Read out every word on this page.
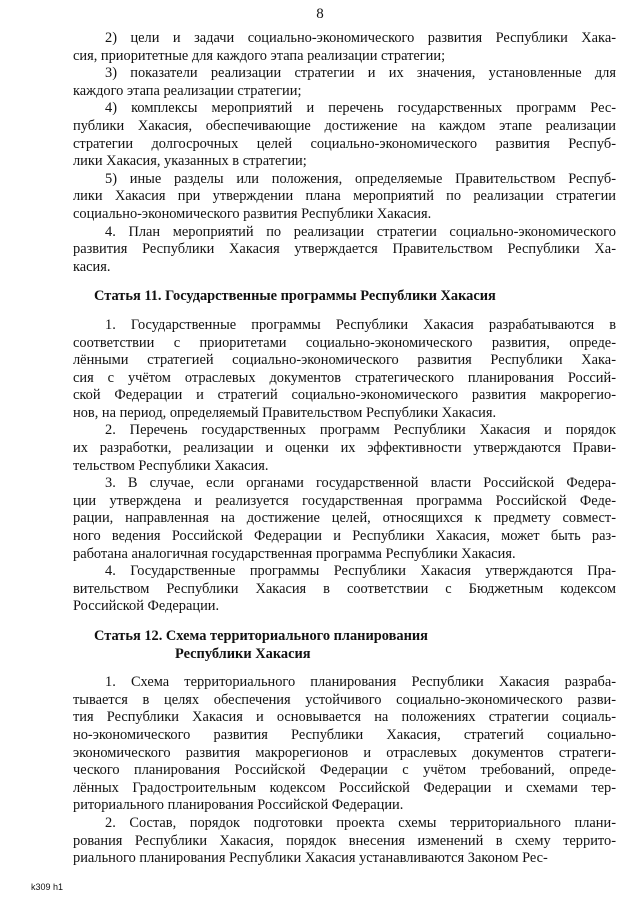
8

2) цели и задачи социально-экономического развития Республики Хака-
сия, приоритетные для каждого этапа реализации стратегии;

3) показатели реализации стратегии и их значения, установленные для
каждого этапа реализации стратегии;

4) комплексы мероприятий и перечень государственных программ Рес-
публики Хакасия, обеспечивающие достижение на каждом этапе реализации
стратегии долгосрочных целей социально-экономического развития Респуб-
лики Хакасия, указанных в стратегии;

5) иные разделы или положения, определяемые Правительством Респуб-
лики Хакасия при утверждении плана мероприятий по реализации стратегии
социально-экономического развития Республики Хакасия.

4. План мероприятий по реализации стратегии социально-экономического
развития Республики Хакасия утверждается Правительством Республики Ха-
касия.

Статья 11. Государственные программы Республики Хакасия

1. Государственные программы Республики Хакасия разрабатываются в
соответствии с приоритетами социально-экономического развития, опреде-
лёнными стратегией социально-экономического развития Республики Хака-
сия с учётом отраслевых документов стратегического планирования Россий-
ской Федерации и стратегий социально-экономического развития макрорегио-
нов, на период, определяемый Правительством Республики Хакасия.

2. Перечень государственных программ Республики Хакасия и порядок
их разработки, реализации и оценки их эффективности утверждаются Прави-
тельством Республики Хакасия.

3. В случае, если органами государственной власти Российской Федера-
ции утверждена и реализуется государственная программа Российской Феде-
рации, направленная на достижение целей, относящихся к предмету совмест-
ного ведения Российской Федерации и Республики Хакасия, может быть раз-
работана аналогичная государственная программа Республики Хакасия.

4. Государственные программы Республики Хакасия утверждаются Пра-
вительством Республики Хакасия в соответствии с Бюджетным кодексом
Российской Федерации.

Статья 12. Схема территориального планирования
Республики Хакасия

1. Схема территориального планирования Республики Хакасия разраба-
тывается в целях обеспечения устойчивого социально-экономического разви-
тия Республики Хакасия и основывается на положениях стратегии социаль-
но-экономического развития Республики Хакасия, стратегий социально-
экономического развития макрорегионов и отраслевых документов стратеги-
ческого планирования Российской Федерации с учётом требований, опреде-
лённых Градостроительным кодексом Российской Федерации и схемами тер-
риториального планирования Российской Федерации.

2. Состав, порядок подготовки проекта схемы территориального плани-
рования Республики Хакасия, порядок внесения изменений в схему террито-
риального планирования Республики Хакасия устанавливаются Законом Рес-

k309 h1
